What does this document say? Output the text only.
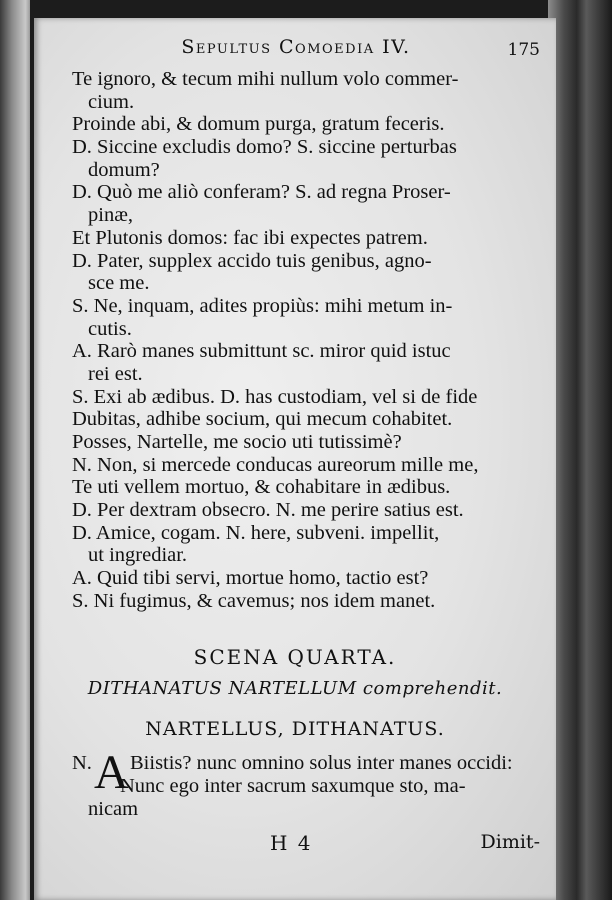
Sepultus Comoedia IV.	175
Te ignoro, & tecum mihi nullum volo commer-
cium.
Proinde abi, & domum purga, gratum feceris.
D. Siccine excludis domo? S. siccine perturbas
domum?
D. Quò me aliò conferam? S. ad regna Proser-
pinæ,
Et Plutonis domos: fac ibi expectes patrem.
D. Pater, supplex accido tuis genibus, agno-
sce me.
S. Ne, inquam, adites propiùs: mihi metum in-
cutis.
A. Rarò manes submittunt sc. miror quid istuc
rei est.
S. Exi ab ædibus. D. has custodiam, vel si de fide
Dubitas, adhibe socium, qui mecum cohabitet.
Posses, Nartelle, me socio uti tutissimè?
N. Non, si mercede conducas aureorum mille me,
Te uti vellem mortuo, & cohabitare in ædibus.
D. Per dextram obsecro. N. me perire satius est.
D. Amice, cogam. N. here, subveni. impellit,
ut ingrediar.
A. Quid tibi servi, mortue homo, tactio est?
S. Ni fugimus, & cavemus; nos idem manet.
SCENA QUARTA.
DITHANATUS NARTELLUM comprehendit.
NARTELLUS, DITHANATUS.
N. A Biistis? nunc omnino solus inter manes occidi:
Nunc ego inter sacrum saxumque sto, ma-
nicam
H 4	Dimit-
